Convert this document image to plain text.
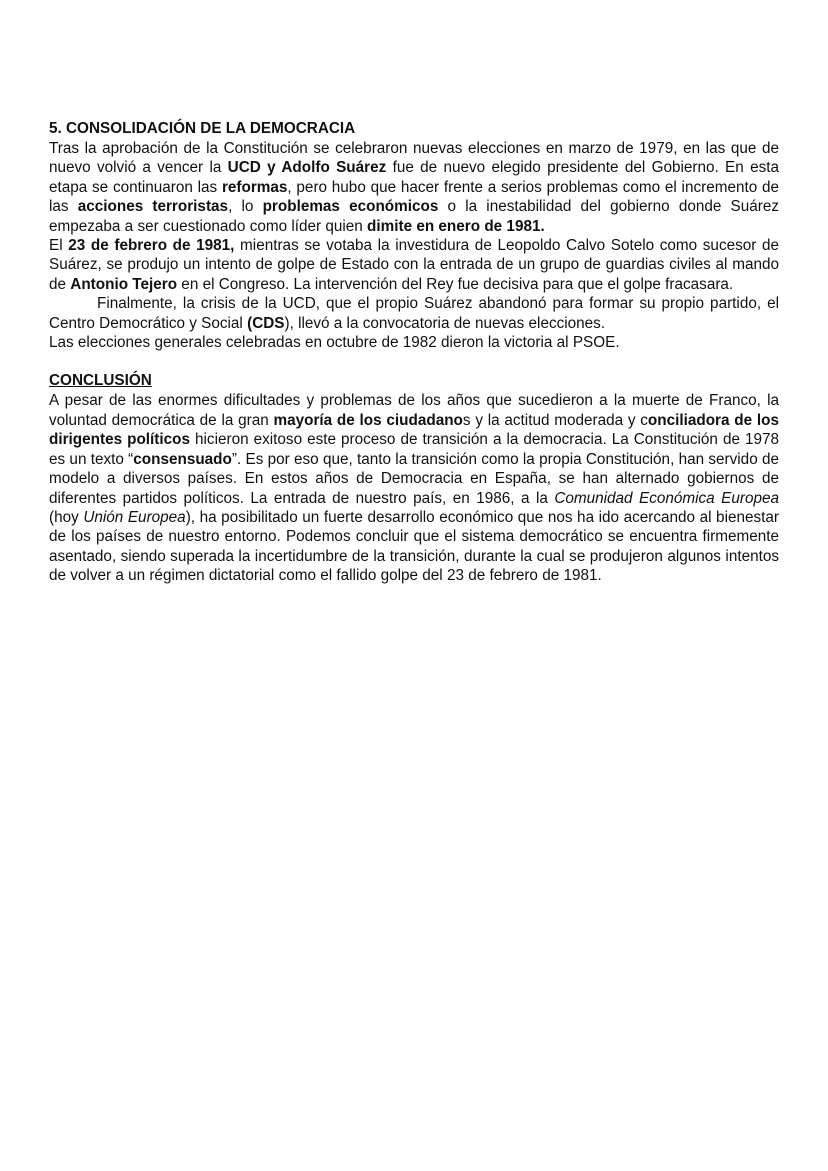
5. CONSOLIDACIÓN DE LA DEMOCRACIA

Tras la aprobación de la Constitución se celebraron nuevas elecciones en marzo de 1979, en las que de nuevo volvió a vencer la UCD y Adolfo Suárez fue de nuevo elegido presidente del Gobierno. En esta etapa se continuaron las reformas, pero hubo que hacer frente a serios problemas como el incremento de las acciones terroristas, lo problemas económicos o la inestabilidad del gobierno donde Suárez empezaba a ser cuestionado como líder quien dimite en enero de 1981.

El 23 de febrero de 1981, mientras se votaba la investidura de Leopoldo Calvo Sotelo como sucesor de Suárez, se produjo un intento de golpe de Estado con la entrada de un grupo de guardias civiles al mando de Antonio Tejero en el Congreso. La intervención del Rey fue decisiva para que el golpe fracasara.

Finalmente, la crisis de la UCD, que el propio Suárez abandonó para formar su propio partido, el Centro Democrático y Social (CDS), llevó a la convocatoria de nuevas elecciones.

Las elecciones generales celebradas en octubre de 1982 dieron la victoria al PSOE.

CONCLUSIÓN

A pesar de las enormes dificultades y problemas de los años que sucedieron a la muerte de Franco, la voluntad democrática de la gran mayoría de los ciudadanos y la actitud moderada y conciliadora de los dirigentes políticos hicieron exitoso este proceso de transición a la democracia. La Constitución de 1978 es un texto “consensuado”. Es por eso que, tanto la transición como la propia Constitución, han servido de modelo a diversos países. En estos años de Democracia en España, se han alternado gobiernos de diferentes partidos políticos. La entrada de nuestro país, en 1986, a la Comunidad Económica Europea (hoy Unión Europea), ha posibilitado un fuerte desarrollo económico que nos ha ido acercando al bienestar de los países de nuestro entorno. Podemos concluir que el sistema democrático se encuentra firmemente asentado, siendo superada la incertidumbre de la transición, durante la cual se produjeron algunos intentos de volver a un régimen dictatorial como el fallido golpe del 23 de febrero de 1981.
